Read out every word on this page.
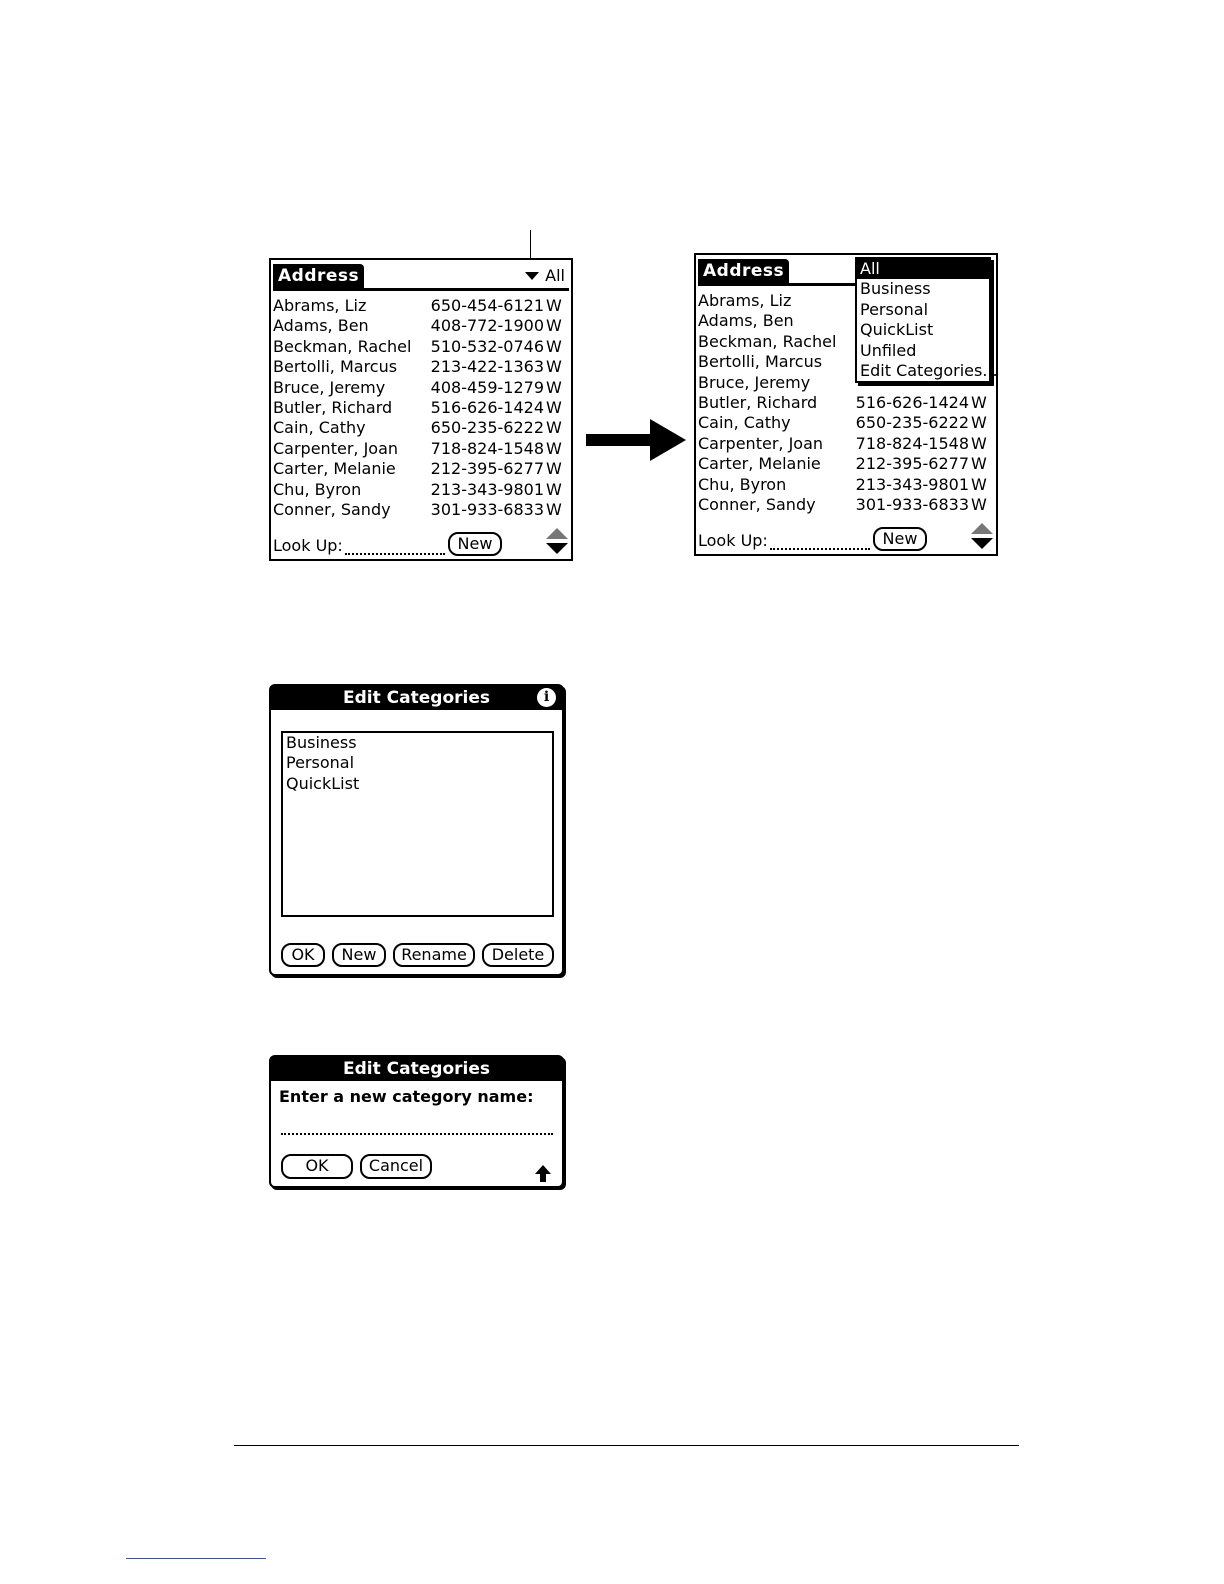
Address	All
Abrams, Liz	650-454-6121 W
Adams, Ben	408-772-1900 W
Beckman, Rachel 510-532-0746 W
Bertolli, Marcus 213-422-1363 W
Bruce, Jeremy	408-459-1279 W
Butler, Richard 516-626-1424 W
Cain, Cathy	650-235-6222 W
Carpenter, Joan 718-824-1548 W
Carter, Melanie 212-395-6277 W
Chu, Byron	213-343-9801 W
Conner, Sandy	301-933-6833 W
Look Up:	New
Address
Abrams, Liz
Adams, Ben
Beckman, Rachel
Bertolli, Marcus
Bruce, Jeremy
Butler, Richard 516-626-1424 W
Cain, Cathy	650-235-6222 W
Carpenter, Joan 718-824-1548 W
Carter, Melanie 212-395-6277 W
Chu, Byron	213-343-9801 W
Conner, Sandy	301-933-6833 W
Look Up:	New
All
Business
Personal
QuickList
Unfiled
Edit Categories...
Edit Categories	i
Business
Personal
QuickList
OK	New	Rename	Delete
Edit Categories
Enter a new category name:
OK	Cancel
